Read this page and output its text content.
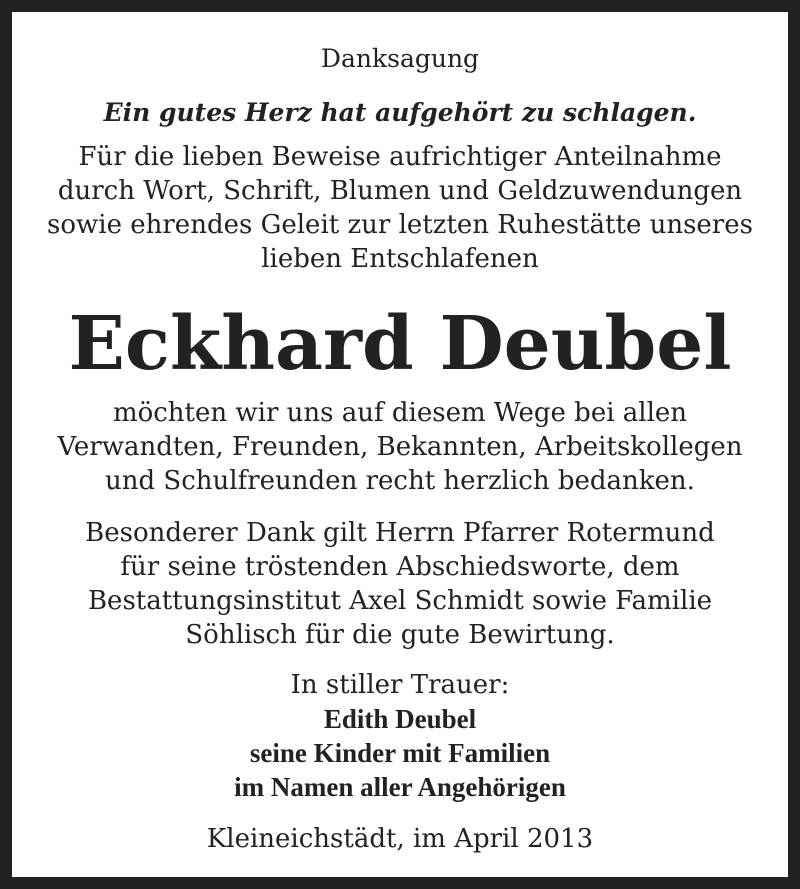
Danksagung

Ein gutes Herz hat aufgehört zu schlagen.

Für die lieben Beweise aufrichtiger Anteilnahme
durch Wort, Schrift, Blumen und Geldzuwendungen
sowie ehrendes Geleit zur letzten Ruhestätte unseres
lieben Entschlafenen
Eckhard Deubel
möchten wir uns auf diesem Wege bei allen
Verwandten, Freunden, Bekannten, Arbeitskollegen
und Schulfreunden recht herzlich bedanken.
Besonderer Dank gilt Herrn Pfarrer Rotermund
für seine tröstenden Abschiedsworte, dem
Bestattungsinstitut Axel Schmidt sowie Familie
Söhlisch für die gute Bewirtung.
In stiller Trauer:
Edith Deubel
seine Kinder mit Familien
im Namen aller Angehörigen

Kleineichstädt, im April 2013
